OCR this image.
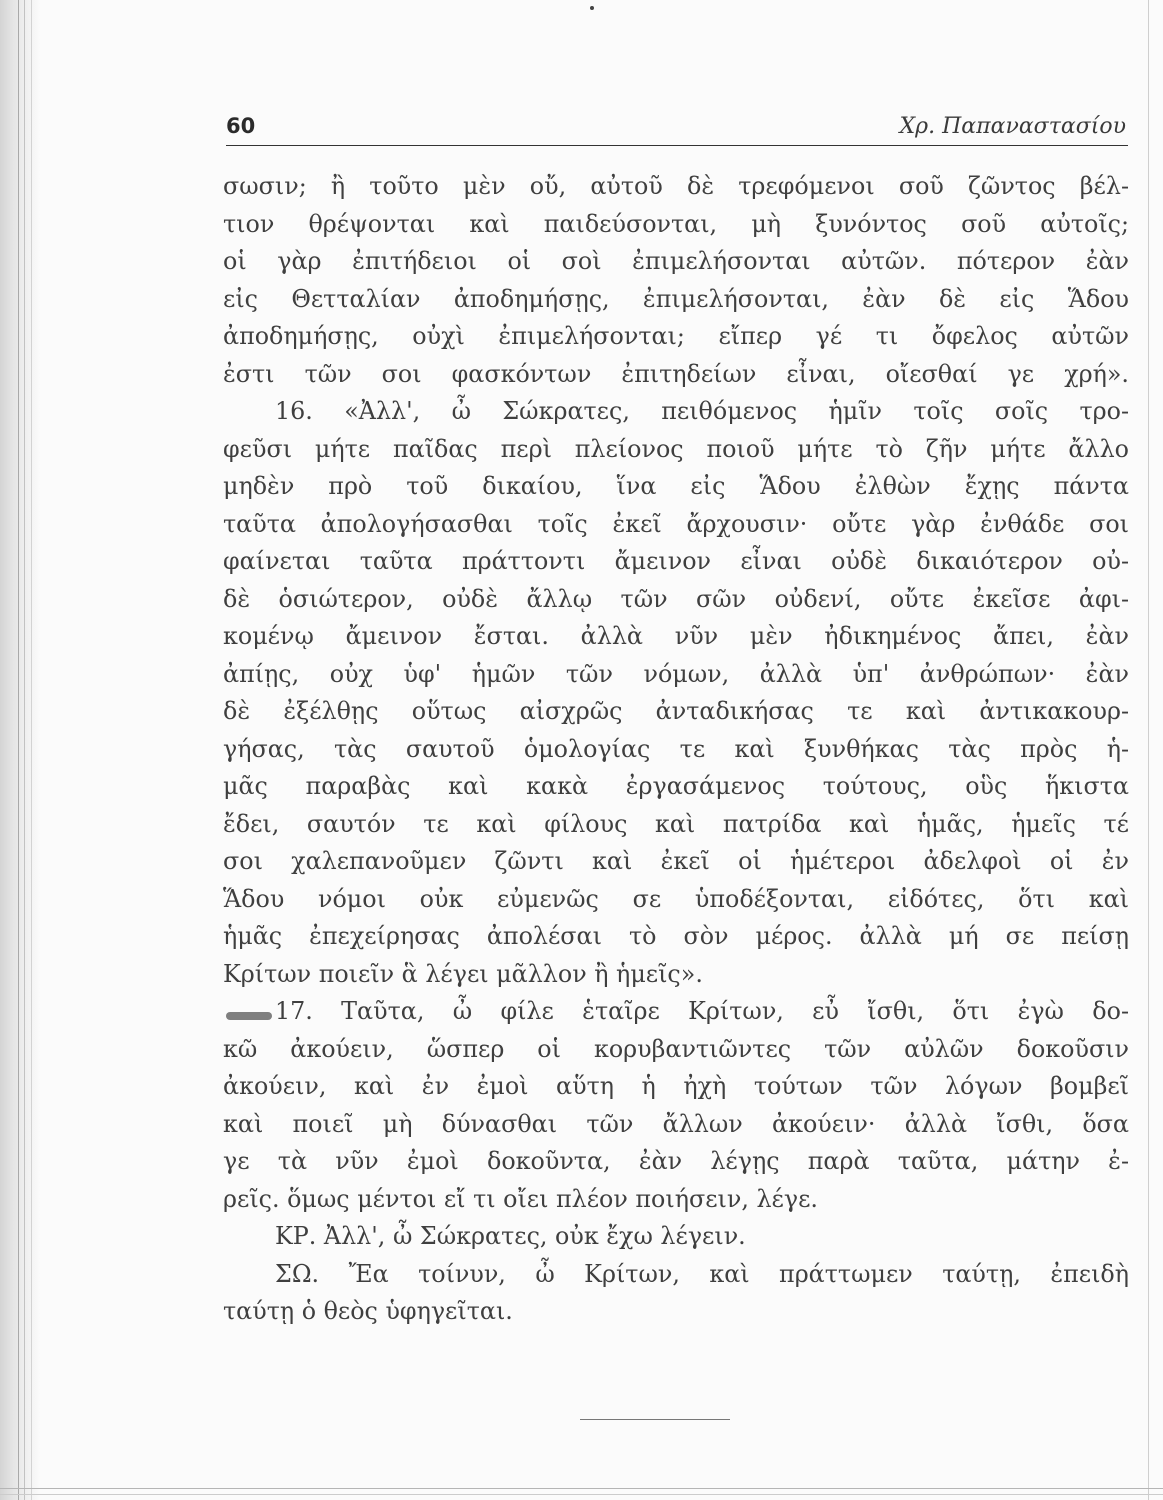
60	Χρ. Παπαναστασίου
σωσιν; ἢ τοῦτο μὲν οὔ, αὐτοῦ δὲ τρεφόμενοι σοῦ ζῶντος βέλ-
τιον θρέψονται καὶ παιδεύσονται, μὴ ξυνόντος σοῦ αὐτοῖς;
οἱ γὰρ ἐπιτήδειοι οἱ σοὶ ἐπιμελήσονται αὐτῶν. πότερον ἐὰν
εἰς Θετταλίαν ἀποδημήσῃς, ἐπιμελήσονται, ἐὰν δὲ εἰς Ἅδου
ἀποδημήσῃς, οὐχὶ ἐπιμελήσονται; εἴπερ γέ τι ὄφελος αὐτῶν
ἐστι τῶν σοι φασκόντων ἐπιτηδείων εἶναι, οἴεσθαί γε χρή».
16. «Ἀλλ', ὦ Σώκρατες, πειθόμενος ἡμῖν τοῖς σοῖς τρο-
φεῦσι μήτε παῖδας περὶ πλείονος ποιοῦ μήτε τὸ ζῆν μήτε ἄλλο
μηδὲν πρὸ τοῦ δικαίου, ἵνα εἰς Ἅδου ἐλθὼν ἔχῃς πάντα
ταῦτα ἀπολογήσασθαι τοῖς ἐκεῖ ἄρχουσιν· οὔτε γὰρ ἐνθάδε σοι
φαίνεται ταῦτα πράττοντι ἄμεινον εἶναι οὐδὲ δικαιότερον οὐ-
δὲ ὁσιώτερον, οὐδὲ ἄλλῳ τῶν σῶν οὐδενί, οὔτε ἐκεῖσε ἀφι-
κομένῳ ἄμεινον ἔσται. ἀλλὰ νῦν μὲν ἠδικημένος ἄπει, ἐὰν
ἀπίῃς, οὐχ ὑφ' ἡμῶν τῶν νόμων, ἀλλὰ ὑπ' ἀνθρώπων· ἐὰν
δὲ ἐξέλθῃς οὕτως αἰσχρῶς ἀνταδικήσας τε καὶ ἀντικακουρ-
γήσας, τὰς σαυτοῦ ὁμολογίας τε καὶ ξυνθήκας τὰς πρὸς ἡ-
μᾶς παραβὰς καὶ κακὰ ἐργασάμενος τούτους, οὓς ἥκιστα
ἔδει, σαυτόν τε καὶ φίλους καὶ πατρίδα καὶ ἡμᾶς, ἡμεῖς τέ
σοι χαλεπανοῦμεν ζῶντι καὶ ἐκεῖ οἱ ἡμέτεροι ἀδελφοὶ οἱ ἐν
Ἅδου νόμοι οὐκ εὐμενῶς σε ὑποδέξονται, εἰδότες, ὅτι καὶ
ἡμᾶς ἐπεχείρησας ἀπολέσαι τὸ σὸν μέρος. ἀλλὰ μή σε πείσῃ
Κρίτων ποιεῖν ἃ λέγει μᾶλλον ἢ ἡμεῖς».
17. Ταῦτα, ὦ φίλε ἑταῖρε Κρίτων, εὖ ἴσθι, ὅτι ἐγὼ δο-
κῶ ἀκούειν, ὥσπερ οἱ κορυβαντιῶντες τῶν αὐλῶν δοκοῦσιν
ἀκούειν, καὶ ἐν ἐμοὶ αὕτη ἡ ἠχὴ τούτων τῶν λόγων βομβεῖ
καὶ ποιεῖ μὴ δύνασθαι τῶν ἄλλων ἀκούειν· ἀλλὰ ἴσθι, ὅσα
γε τὰ νῦν ἐμοὶ δοκοῦντα, ἐὰν λέγῃς παρὰ ταῦτα, μάτην ἐ-
ρεῖς. ὅμως μέντοι εἴ τι οἴει πλέον ποιήσειν, λέγε.
ΚΡ. Ἀλλ', ὦ Σώκρατες, οὐκ ἔχω λέγειν.
ΣΩ. Ἔα τοίνυν, ὦ Κρίτων, καὶ πράττωμεν ταύτῃ, ἐπειδὴ
ταύτῃ ὁ θεὸς ὑφηγεῖται.
